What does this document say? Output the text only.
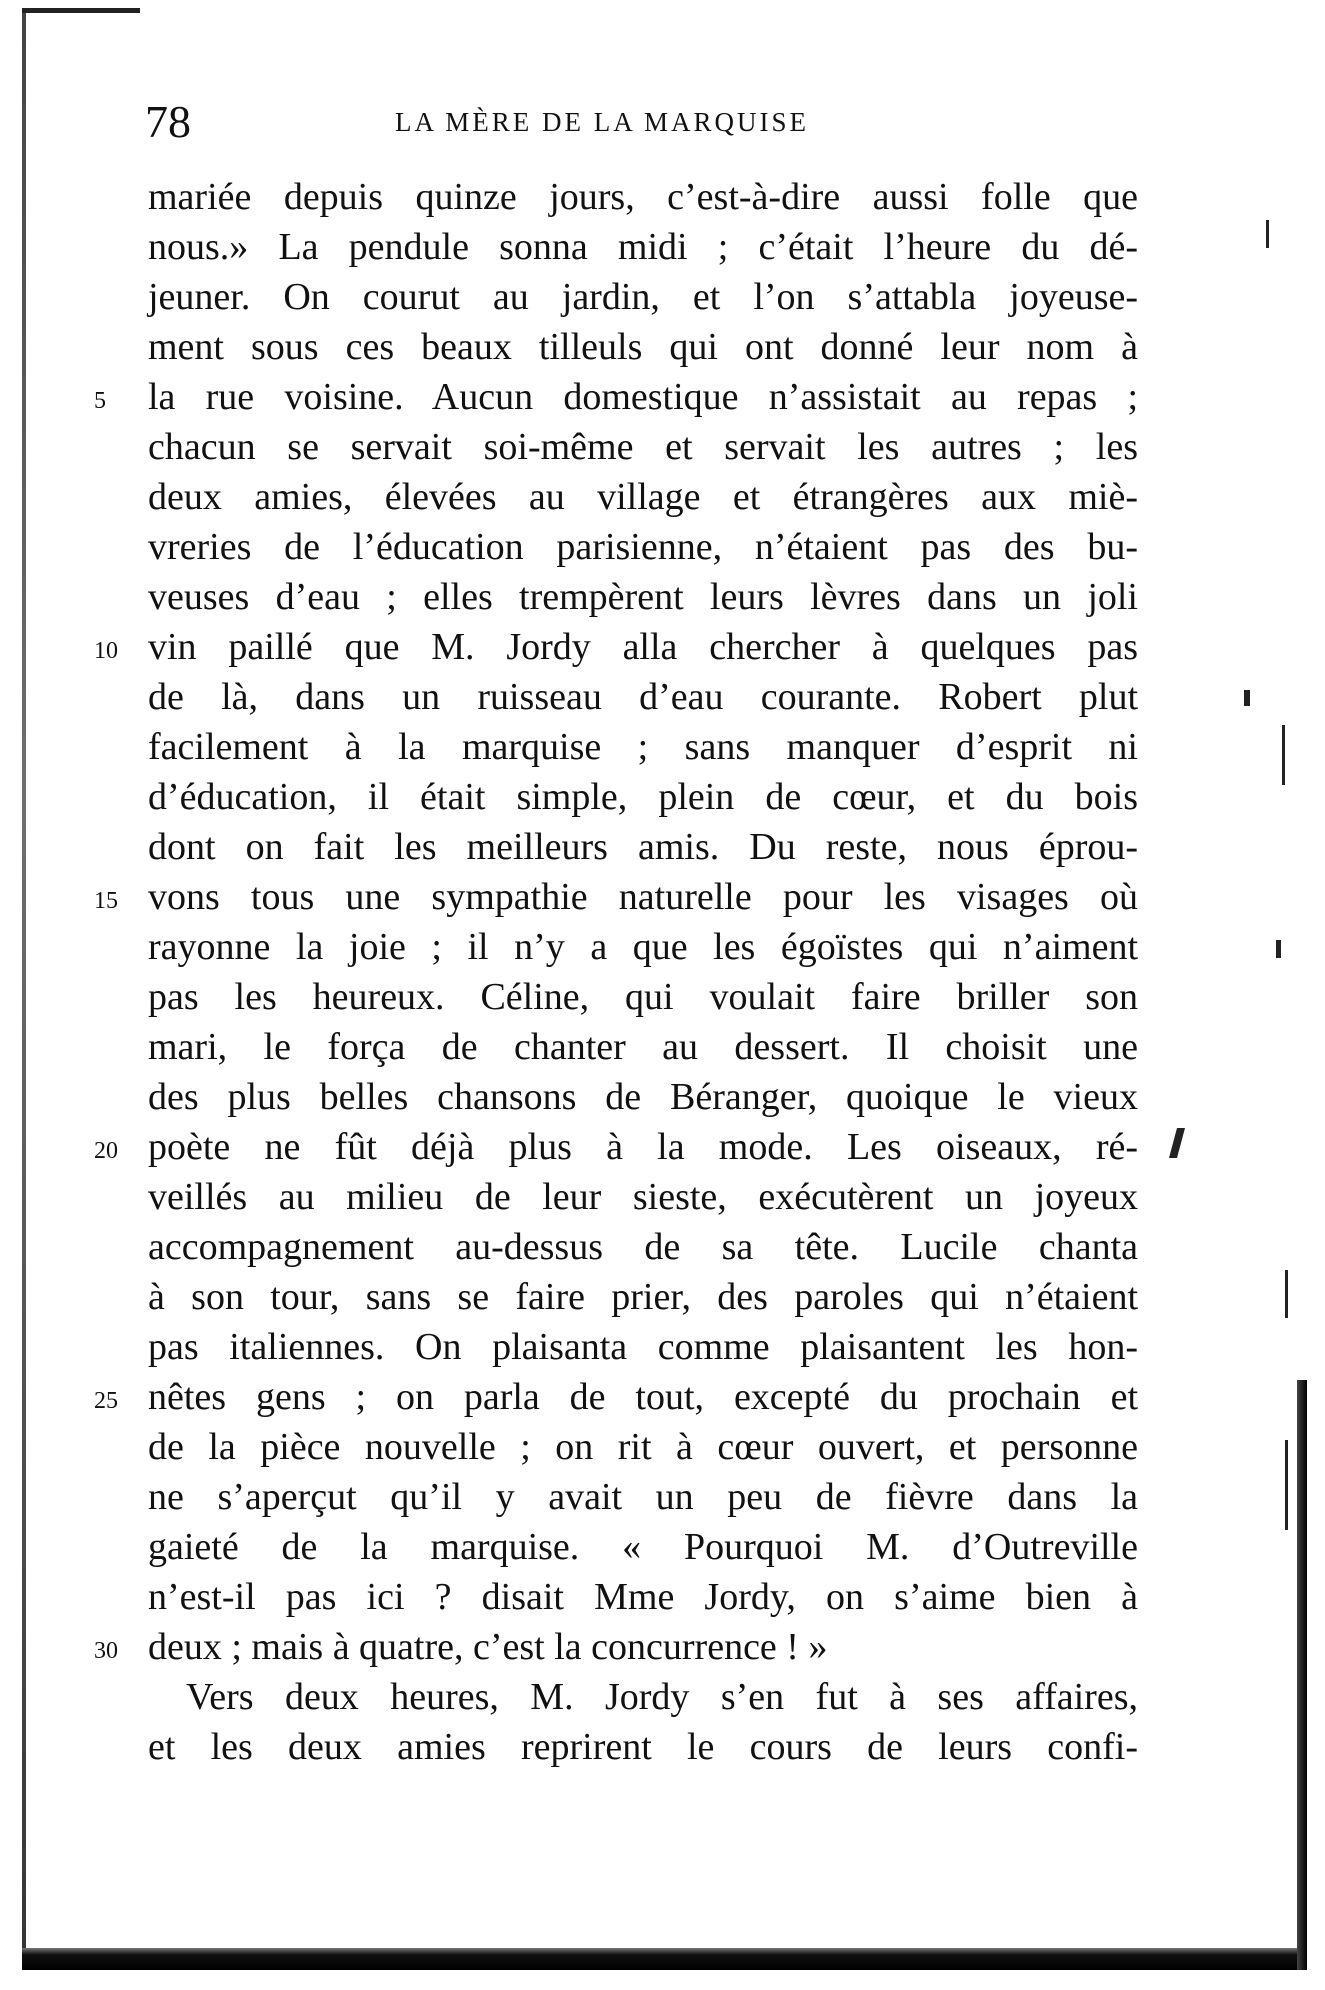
78	LA MÈRE DE LA MARQUISE
mariée depuis quinze jours, c’est-à-dire aussi folle que
nous.» La pendule sonna midi ; c’était l’heure du dé-
jeuner. On courut au jardin, et l’on s’attabla joyeuse-
ment sous ces beaux tilleuls qui ont donné leur nom à
5	la rue voisine. Aucun domestique n’assistait au repas ;
chacun se servait soi-même et servait les autres ; les
deux amies, élevées au village et étrangères aux miè-
vreries de l’éducation parisienne, n’étaient pas des bu-
veuses d’eau ; elles trempèrent leurs lèvres dans un joli
10 vin paillé que M. Jordy alla chercher à quelques pas
de là, dans un ruisseau d’eau courante. Robert plut
facilement à la marquise ; sans manquer d’esprit ni
d’éducation, il était simple, plein de cœur, et du bois
dont on fait les meilleurs amis. Du reste, nous éprou-
15 vons tous une sympathie naturelle pour les visages où
rayonne la joie ; il n’y a que les égoïstes qui n’aiment
pas les heureux. Céline, qui voulait faire briller son
mari, le força de chanter au dessert. Il choisit une
des plus belles chansons de Béranger, quoique le vieux
20 poète ne fût déjà plus à la mode. Les oiseaux, ré-
veillés au milieu de leur sieste, exécutèrent un joyeux
accompagnement au-dessus de sa tête. Lucile chanta
à son tour, sans se faire prier, des paroles qui n’étaient
pas italiennes. On plaisanta comme plaisantent les hon-
25 nêtes gens ; on parla de tout, excepté du prochain et
de la pièce nouvelle ; on rit à cœur ouvert, et personne
ne s’aperçut qu’il y avait un peu de fièvre dans la
gaieté de la marquise. « Pourquoi M. d’Outreville
n’est-il pas ici ? disait Mme Jordy, on s’aime bien à
30 deux ; mais à quatre, c’est la concurrence ! »
Vers deux heures, M. Jordy s’en fut à ses affaires,
et les deux amies reprirent le cours de leurs confi-
